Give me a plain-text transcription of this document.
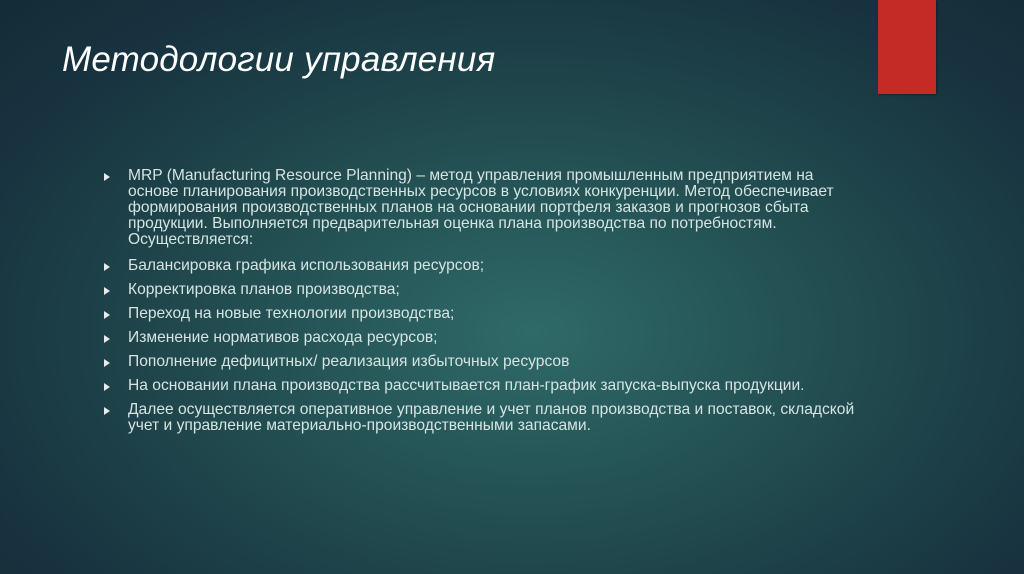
Методологии управления
MRP (Manufacturing Resource Planning) – метод управления промышленным предприятием на основе планирования производственных ресурсов в условиях конкуренции. Метод обеспечивает формирования производственных планов на основании портфеля заказов и прогнозов сбыта продукции. Выполняется предварительная оценка плана производства по потребностям. Осуществляется:
Балансировка графика использования ресурсов;
Корректировка планов производства;
Переход на новые технологии производства;
Изменение нормативов расхода ресурсов;
Пополнение дефицитных/ реализация избыточных ресурсов
На основании плана производства рассчитывается план-график запуска-выпуска продукции.
Далее осуществляется оперативное управление и учет планов производства и поставок, складской учет и управление материально-производственными запасами.
